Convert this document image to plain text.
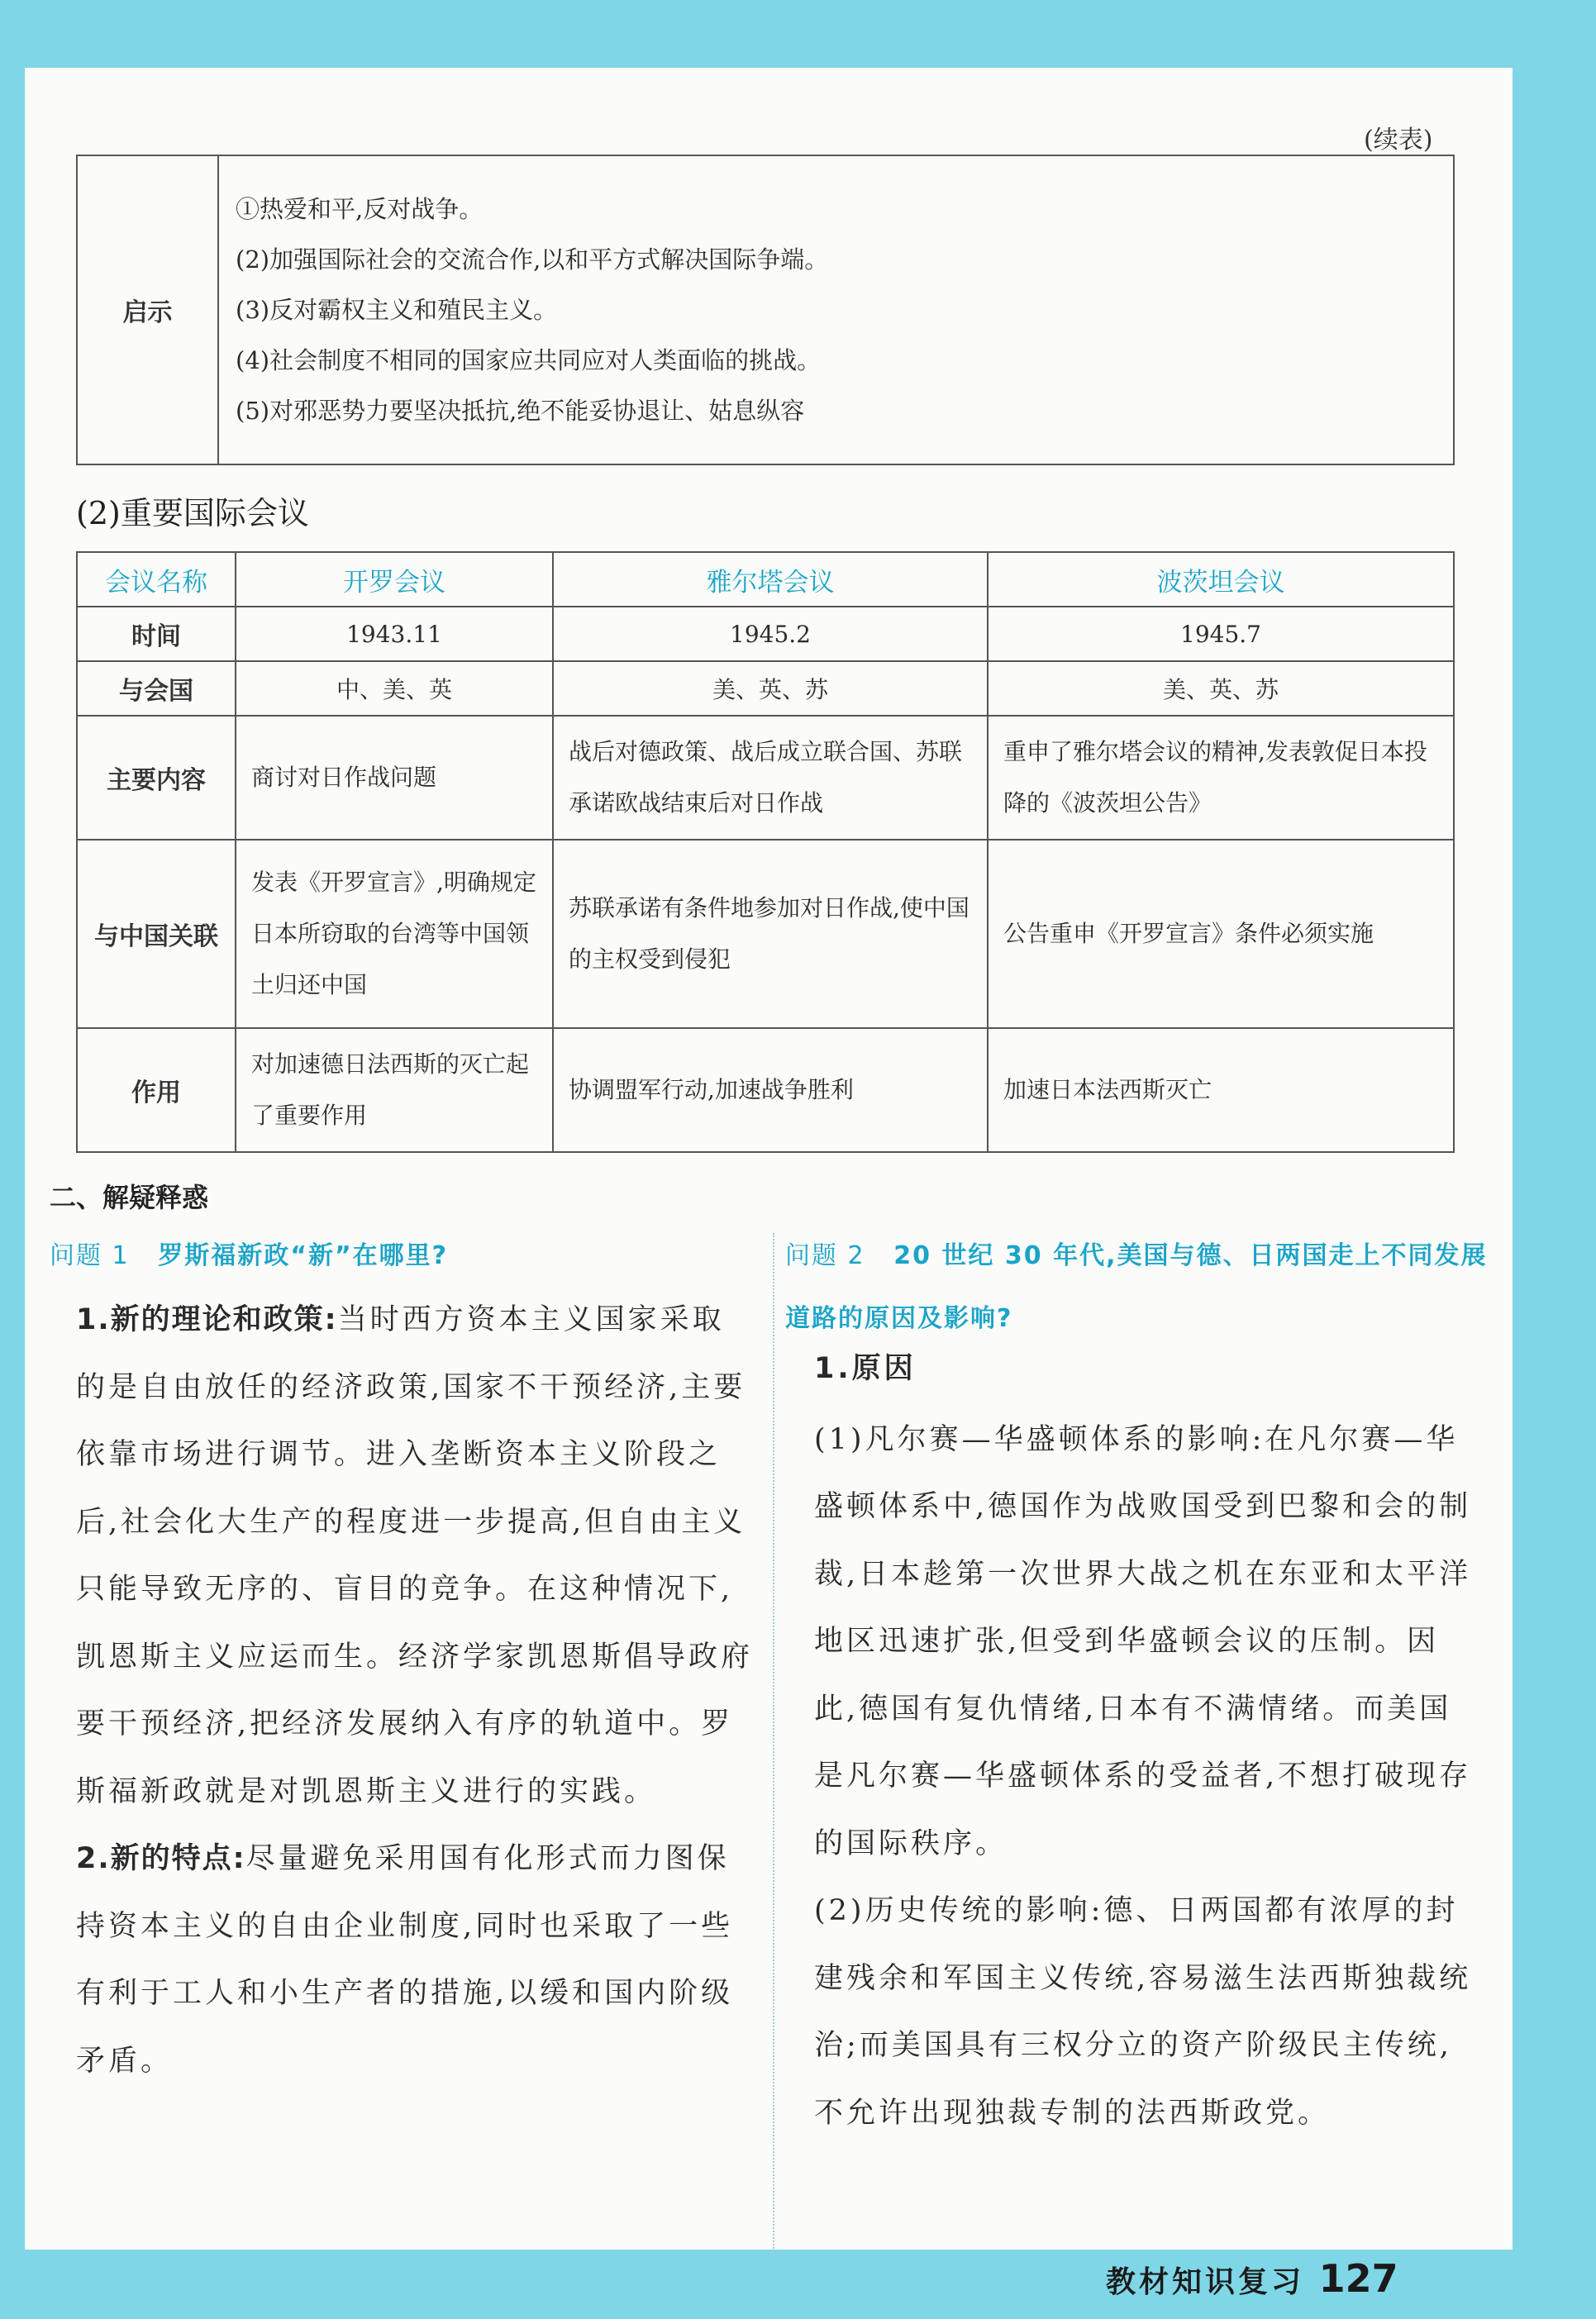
(续表)
启示	
①热爱和平,反对战争。
(2)加强国际社会的交流合作,以和平方式解决国际争端。
(3)反对霸权主义和殖民主义。
(4)社会制度不相同的国家应共同应对人类面临的挑战。
(5)对邪恶势力要坚决抵抗,绝不能妥协退让、姑息纵容
(2)重要国际会议
会议名称	开罗会议	雅尔塔会议	波茨坦会议
时间	1943.11	1945.2	1945.7
与会国	中、美、英	美、英、苏	美、英、苏
主要内容	商讨对日作战问题	战后对德政策、战后成立联合国、苏联承诺欧战结束后对日作战	重申了雅尔塔会议的精神,发表敦促日本投降的《波茨坦公告》
与中国关联	发表《开罗宣言》,明确规定日本所窃取的台湾等中国领土归还中国	苏联承诺有条件地参加对日作战,使中国的主权受到侵犯	公告重申《开罗宣言》条件必须实施
作用	对加速德日法西斯的灭亡起了重要作用	协调盟军行动,加速战争胜利	加速日本法西斯灭亡
二、解疑释惑
问题 1 罗斯福新政“新”在哪里?	问题 2 20 世纪 30 年代,美国与德、日两国走上不同发展道路的原因及影响?

1.新的理论和政策:当时西方资本主义国家采取的是自由放任的经济政策,国家不干预经济,主要依靠市场进行调节。进入垄断资本主义阶段之后,社会化大生产的程度进一步提高,但自由主义只能导致无序的、盲目的竞争。在这种情况下,凯恩斯主义应运而生。经济学家凯恩斯倡导政府要干预经济,把经济发展纳入有序的轨道中。罗斯福新政就是对凯恩斯主义进行的实践。

2.新的特点:尽量避免采用国有化形式而力图保持资本主义的自由企业制度,同时也采取了一些有利于工人和小生产者的措施,以缓和国内阶级矛盾。

1.原因

(1)凡尔赛—华盛顿体系的影响:在凡尔赛—华盛顿体系中,德国作为战败国受到巴黎和会的制裁,日本趁第一次世界大战之机在东亚和太平洋地区迅速扩张,但受到华盛顿会议的压制。因此,德国有复仇情绪,日本有不满情绪。而美国是凡尔赛—华盛顿体系的受益者,不想打破现存的国际秩序。

(2)历史传统的影响:德、日两国都有浓厚的封建残余和军国主义传统,容易滋生法西斯独裁统治;而美国具有三权分立的资产阶级民主传统,不允许出现独裁专制的法西斯政党。

教材知识复习 127
